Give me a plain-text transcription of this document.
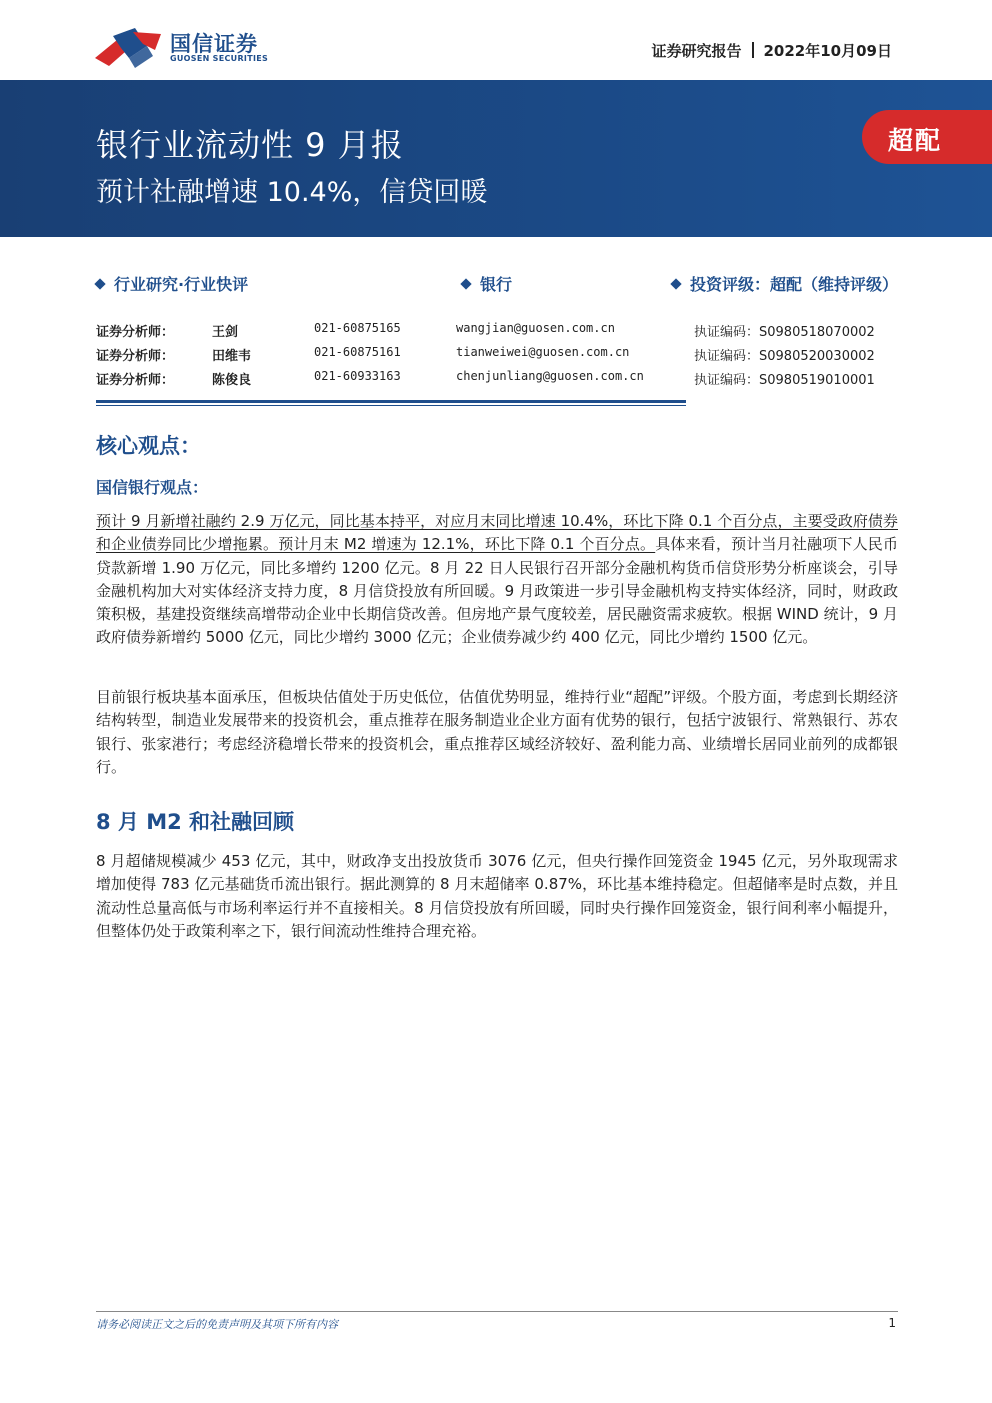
国信证券
GUOSEN SECURITIES	证券研究报告 2022年10月09日
银行业流动性 9 月报
预计社融增速 10.4%，信贷回暖
超配
行业研究·行业快评	银行	投资评级：超配（维持评级）
证券分析师：	王剑	021-60875165	wangjian@guosen.com.cn	执证编码：S0980518070002
证券分析师：	田维韦	021-60875161	tianweiwei@guosen.com.cn	执证编码：S0980520030002
证券分析师：	陈俊良	021-60933163	chenjunliang@guosen.com.cn	执证编码：S0980519010001
核心观点：
国信银行观点：
预计 9 月新增社融约 2.9 万亿元，同比基本持平，对应月末同比增速 10.4%，环比下降 0.1 个百分点，主要受政府债券和企业债券同比少增拖累。预计月末 M2 增速为 12.1%，环比下降 0.1 个百分点。具体来看，预计当月社融项下人民币贷款新增 1.90 万亿元，同比多增约 1200 亿元。8 月 22 日人民银行召开部分金融机构货币信贷形势分析座谈会，引导金融机构加大对实体经济支持力度，8 月信贷投放有所回暖。9 月政策进一步引导金融机构支持实体经济，同时，财政政策积极，基建投资继续高增带动企业中长期信贷改善。但房地产景气度较差，居民融资需求疲软。根据 WIND 统计，9 月政府债券新增约 5000 亿元，同比少增约 3000 亿元；企业债券减少约 400 亿元，同比少增约 1500 亿元。
目前银行板块基本面承压，但板块估值处于历史低位，估值优势明显，维持行业“超配”评级。个股方面，考虑到长期经济结构转型，制造业发展带来的投资机会，重点推荐在服务制造业企业方面有优势的银行，包括宁波银行、常熟银行、苏农银行、张家港行；考虑经济稳增长带来的投资机会，重点推荐区域经济较好、盈利能力高、业绩增长居同业前列的成都银行。
8 月 M2 和社融回顾
8 月超储规模减少 453 亿元，其中，财政净支出投放货币 3076 亿元，但央行操作回笼资金 1945 亿元，另外取现需求增加使得 783 亿元基础货币流出银行。据此测算的 8 月末超储率 0.87%，环比基本维持稳定。但超储率是时点数，并且流动性总量高低与市场利率运行并不直接相关。8 月信贷投放有所回暖，同时央行操作回笼资金，银行间利率小幅提升，但整体仍处于政策利率之下，银行间流动性维持合理充裕。
请务必阅读正文之后的免责声明及其项下所有内容	1
